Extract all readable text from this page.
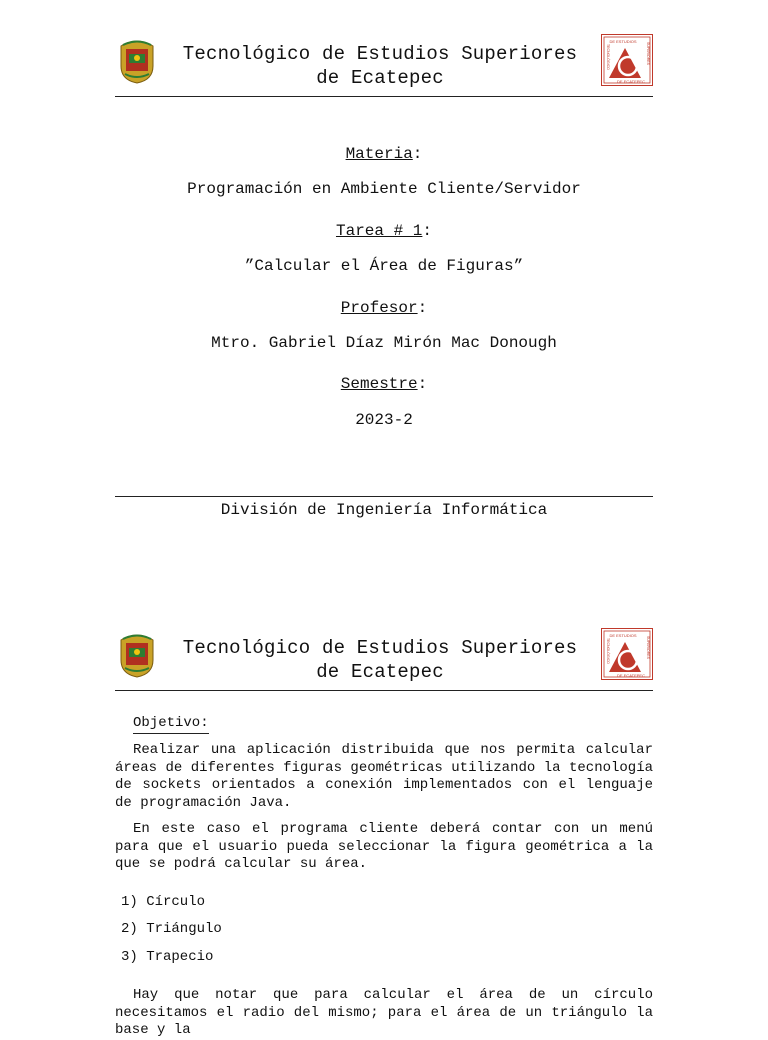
Tecnológico de Estudios Superiores
de Ecatepec
DE ESTUDIOS
SUPERIORES
TECNOLÓGICO
DE ECATEPEC
Materia:
Programación en Ambiente Cliente/Servidor
Tarea # 1:
”Calcular el Área de Figuras”
Profesor:
Mtro. Gabriel Díaz Mirón Mac Donough
Semestre:
2023-2
División de Ingeniería Informática
Tecnológico de Estudios Superiores
de Ecatepec
DE ESTUDIOS
SUPERIORES
TECNOLÓGICO
DE ECATEPEC
Objetivo:

Realizar una aplicación distribuida que nos permita calcular áreas de diferentes figuras geométricas utilizando la tecnología de sockets orientados a conexión implementados con el lenguaje de programación Java.

En este caso el programa cliente deberá contar con un menú para que el usuario pueda seleccionar la figura geométrica a la que se podrá calcular su área.

1) Círculo
2) Triángulo
3) Trapecio

Hay que notar que para calcular el área de un círculo necesitamos el radio del mismo; para el área de un triángulo la base y la
